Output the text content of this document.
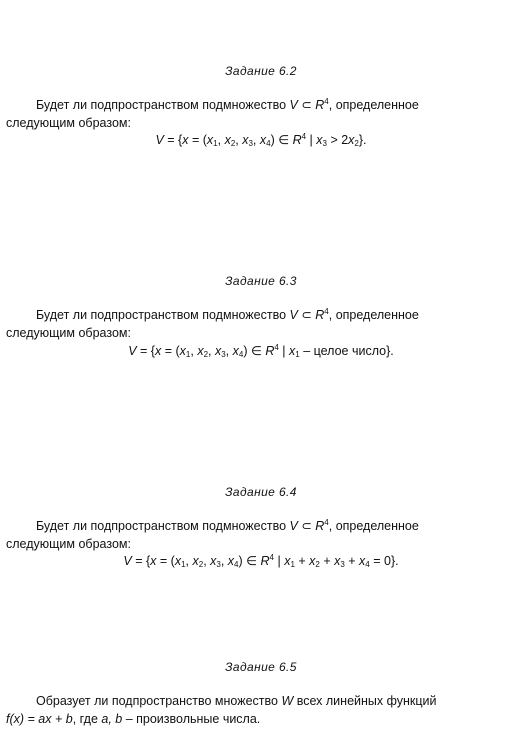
Задание 6.2
Будет ли подпространством подмножество V ⊂ $R^4$, определенное
следующим образом:
$V = \{x = (x_1$, $x_2$, $x_3$, $x_4$) ∈ $R^4$ | $x_3 > 2x_2$}.
Задание 6.3
Будет ли подпространством подмножество V ⊂ $R^4$, определенное
следующим образом:
$V = \{x = (x_1$, $x_2$, $x_3$, $x_4$) ∈ $R^4$ | $x_1$ – целое число}.
Задание 6.4
Будет ли подпространством подмножество V ⊂ $R^4$, определенное
следующим образом:
$V = \{x = (x_1$, $x_2$, $x_3$, $x_4$) ∈ $R^4$ | $x_1 + x_2 + x_3 + x_4 = 0$}.
Задание 6.5
Образует ли подпространство множество W всех линейных функций
f(x) = ax + b, где a, b – произвольные числа.
